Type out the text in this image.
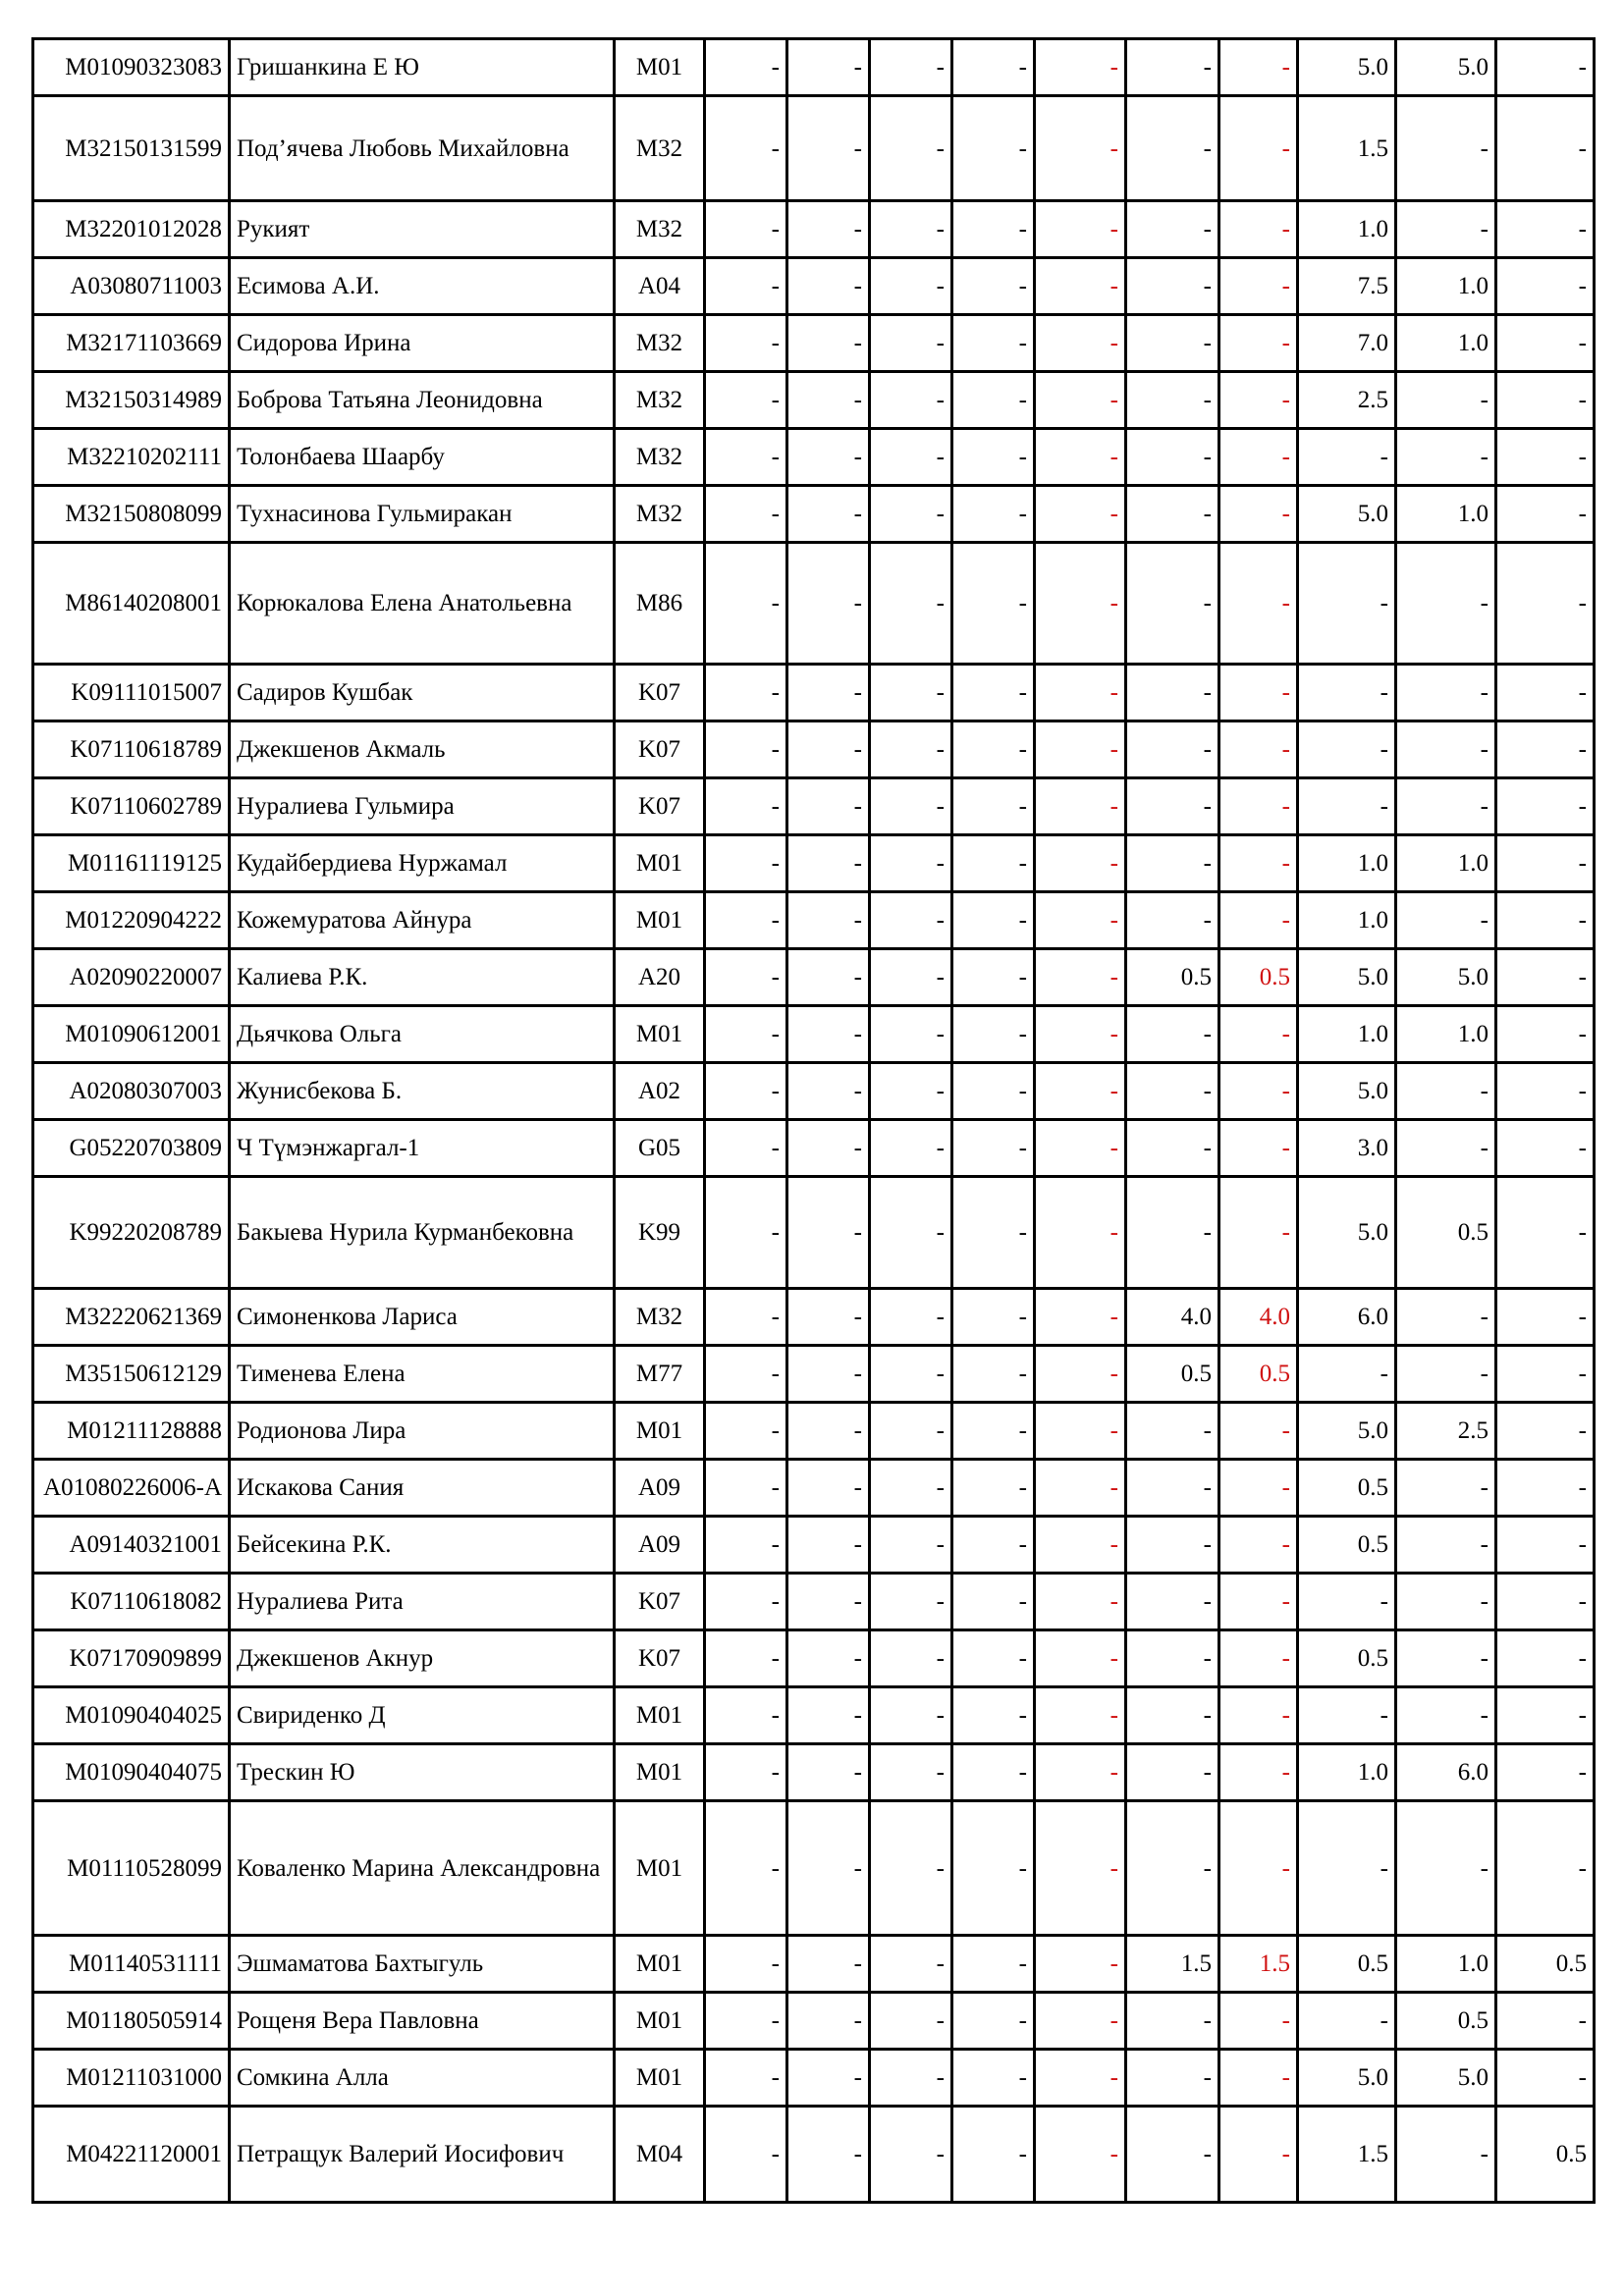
M01090323083	Гришанкина Е Ю	M01	-	-	-	-	-	-	-	5.0	5.0	-
M32150131599	Под’ячева Любовь Михайловна	M32	-	-	-	-	-	-	-	1.5	-	-
M32201012028	Рукият	M32	-	-	-	-	-	-	-	1.0	-	-
A03080711003	Есимова А.И.	A04	-	-	-	-	-	-	-	7.5	1.0	-
M32171103669	Сидорова Ирина	M32	-	-	-	-	-	-	-	7.0	1.0	-
M32150314989	Боброва Татьяна Леонидовна	M32	-	-	-	-	-	-	-	2.5	-	-
M32210202111	Толонбаева Шаарбу	M32	-	-	-	-	-	-	-	-	-	-
M32150808099	Тухнасинова Гульмиракан	M32	-	-	-	-	-	-	-	5.0	1.0	-
M86140208001	Корюкалова Елена Анатольевна	M86	-	-	-	-	-	-	-	-	-	-
K09111015007	Садиров Кушбак	K07	-	-	-	-	-	-	-	-	-	-
K07110618789	Джекшенов Акмаль	K07	-	-	-	-	-	-	-	-	-	-
K07110602789	Нуралиева Гульмира	K07	-	-	-	-	-	-	-	-	-	-
M01161119125	Кудайбердиева Нуржамал	M01	-	-	-	-	-	-	-	1.0	1.0	-
M01220904222	Кожемуратова Айнура	M01	-	-	-	-	-	-	-	1.0	-	-
A02090220007	Калиева Р.К.	A20	-	-	-	-	-	0.5	0.5	5.0	5.0	-
M01090612001	Дьячкова Ольга	M01	-	-	-	-	-	-	-	1.0	1.0	-
A02080307003	Жунисбекова Б.	A02	-	-	-	-	-	-	-	5.0	-	-
G05220703809	Ч Түмэнжаргал-1	G05	-	-	-	-	-	-	-	3.0	-	-
K99220208789	Бакыева Нурила Курманбековна	K99	-	-	-	-	-	-	-	5.0	0.5	-
M32220621369	Симоненкова Лариса	M32	-	-	-	-	-	4.0	4.0	6.0	-	-
M35150612129	Тименева Елена	M77	-	-	-	-	-	0.5	0.5	-	-	-
M01211128888	Родионова Лира	M01	-	-	-	-	-	-	-	5.0	2.5	-
A01080226006-A	Искакова Сания	A09	-	-	-	-	-	-	-	0.5	-	-
A09140321001	Бейсекина Р.К.	A09	-	-	-	-	-	-	-	0.5	-	-
K07110618082	Нуралиева Рита	K07	-	-	-	-	-	-	-	-	-	-
K07170909899	Джекшенов Акнур	K07	-	-	-	-	-	-	-	0.5	-	-
M01090404025	Свириденко Д	M01	-	-	-	-	-	-	-	-	-	-
M01090404075	Трескин Ю	M01	-	-	-	-	-	-	-	1.0	6.0	-
M01110528099	Коваленко Марина Александровна	M01	-	-	-	-	-	-	-	-	-	-
M01140531111	Эшмаматова Бахтыгуль	M01	-	-	-	-	-	1.5	1.5	0.5	1.0	0.5
M01180505914	Рощеня Вера Павловна	M01	-	-	-	-	-	-	-	-	0.5	-
M01211031000	Сомкина Алла	M01	-	-	-	-	-	-	-	5.0	5.0	-
M04221120001	Петращук Валерий Иосифович	M04	-	-	-	-	-	-	-	1.5	-	0.5
